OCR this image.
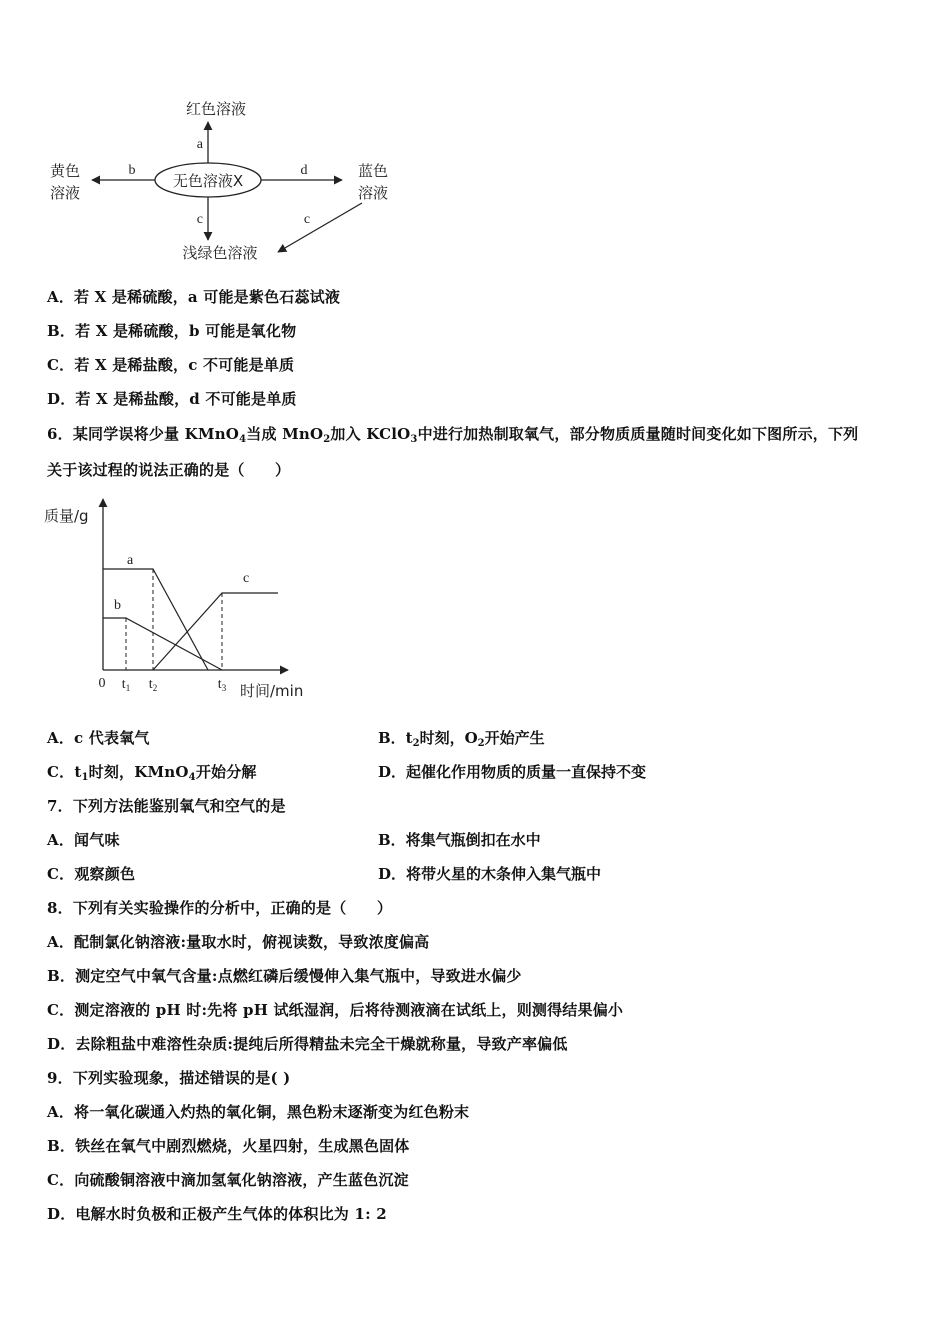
无色溶液X
a
红色溶液
b
黄色
溶液
d	蓝色
溶液
c
浅绿色溶液
c
A．若 X 是稀硫酸，a 可能是紫色石蕊试液
B．若 X 是稀硫酸，b 可能是氧化物
C．若 X 是稀盐酸，c 不可能是单质
D．若 X 是稀盐酸，d 不可能是单质
6．某同学误将少量 KMnO$_4$当成 MnO$_2$加入 KClO$_3$中进行加热制取氧气，部分物质质量随时间变化如下图所示，下列
关于该过程的说法正确的是（　　）
质量/g
时间/min
0
a
b
c
$t_1$ $t_2$	$t_3$
A．c 代表氧气	B．$t_2$时刻，$O_2$开始产生
C．$t_1$时刻，KMnO$_4$开始分解	D．起催化作用物质的质量一直保持不变
7．下列方法能鉴别氧气和空气的是
A．闻气味	B．将集气瓶倒扣在水中
C．观察颜色	D．将带火星的木条伸入集气瓶中
8．下列有关实验操作的分析中，正确的是（　　）
A．配制氯化钠溶液:量取水时，俯视读数，导致浓度偏高
B．测定空气中氧气含量:点燃红磷后缓慢伸入集气瓶中，导致进水偏少
C．测定溶液的 pH 时:先将 pH 试纸湿润，后将待测液滴在试纸上，则测得结果偏小
D．去除粗盐中难溶性杂质:提纯后所得精盐未完全干燥就称量，导致产率偏低
9．下列实验现象，描述错误的是( )
A．将一氧化碳通入灼热的氧化铜，黑色粉末逐渐变为红色粉末
B．铁丝在氧气中剧烈燃烧，火星四射，生成黑色固体
C．向硫酸铜溶液中滴加氢氧化钠溶液，产生蓝色沉淀
D．电解水时负极和正极产生气体的体积比为 1: 2
